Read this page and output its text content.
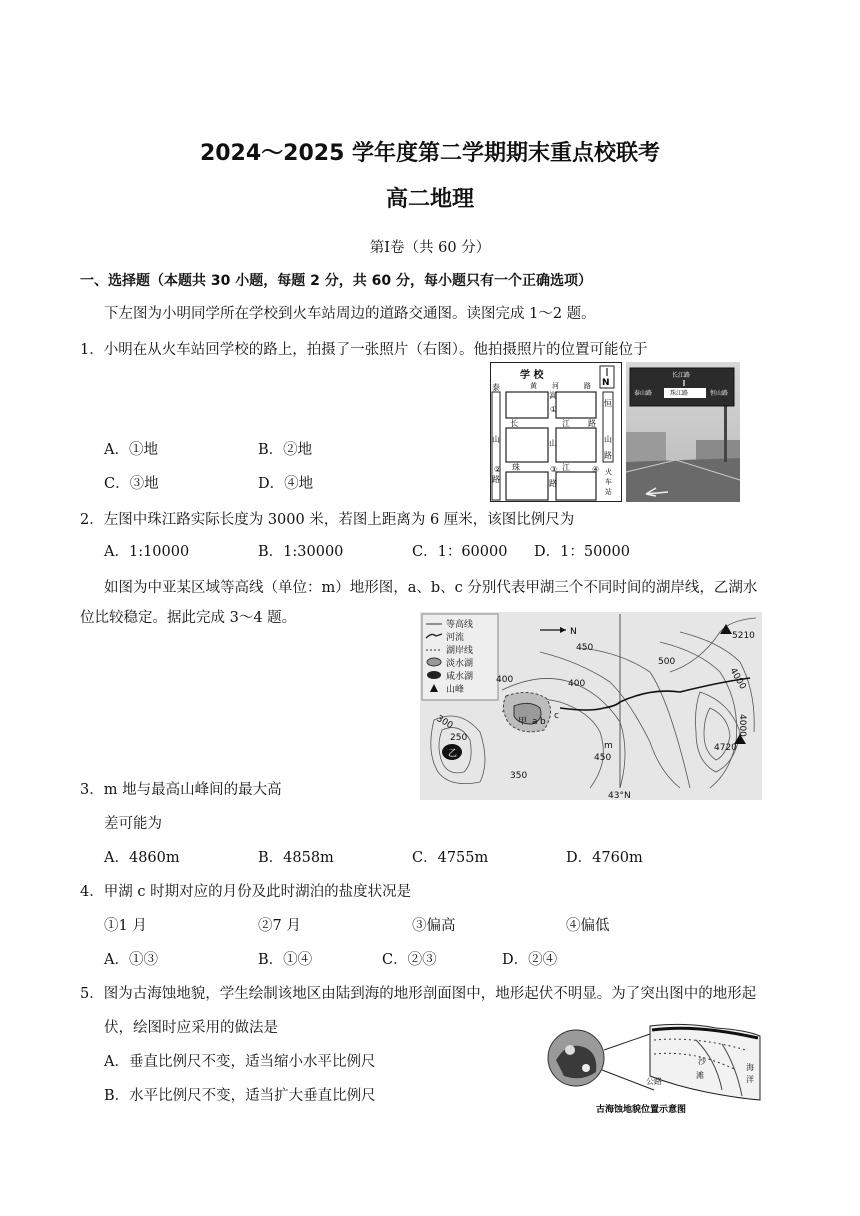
2024～2025 学年度第二学期期末重点校联考
高二地理
第Ⅰ卷（共 60 分）
一、选择题（本题共 30 小题，每题 2 分，共 60 分，每小题只有一个正确选项）
下左图为小明同学所在学校到火车站周边的道路交通图。读图完成 1～2 题。
1．小明在从火车站回学校的路上，拍摄了一张照片（右图）。他拍摄照片的位置可能位于
A．①地	B．②地
C．③地	D．④地
学 校
黄 河	路 N
泰
山
路
嵩
山
路
恒
山
路
长	江 路
珠	江
③
②
①
④ 火
车
站
长江路
泰山路	珠江路	恒山路
2．左图中珠江路实际长度为 3000 米，若图上距离为 6 厘米，该图比例尺为
A．1:10000	B．1:30000	C．1：60000 D．1：50000
如图为中亚某区域等高线（单位：m）地形图，a、b、c 分别代表甲湖三个不同时间的湖岸线，乙湖水
位比较稳定。据此完成 3～4 题。	等高线
河流
湖岸线
淡水湖
咸水湖
山峰
N
450
500
5210
4000
400	400
300
250
350
450
m
4000
4720
甲 a b
c
乙
43°N
3．m 地与最高山峰间的最大高
差可能为
A．4860m	B．4858m	C．4755m	D．4760m
4．甲湖 c 时期对应的月份及此时湖泊的盐度状况是
①1 月	②7 月	③偏高	④偏低
A．①③	B．①④	C．②③	D．②④
5．图为古海蚀地貌，学生绘制该地区由陆到海的地形剖面图中，地形起伏不明显。为了突出图中的地形起
伏，绘图时应采用的做法是
A．垂直比例尺不变，适当缩小水平比例尺
B．水平比例尺不变，适当扩大垂直比例尺
公路
沙
滩
海
洋
古海蚀地貌位置示意图
